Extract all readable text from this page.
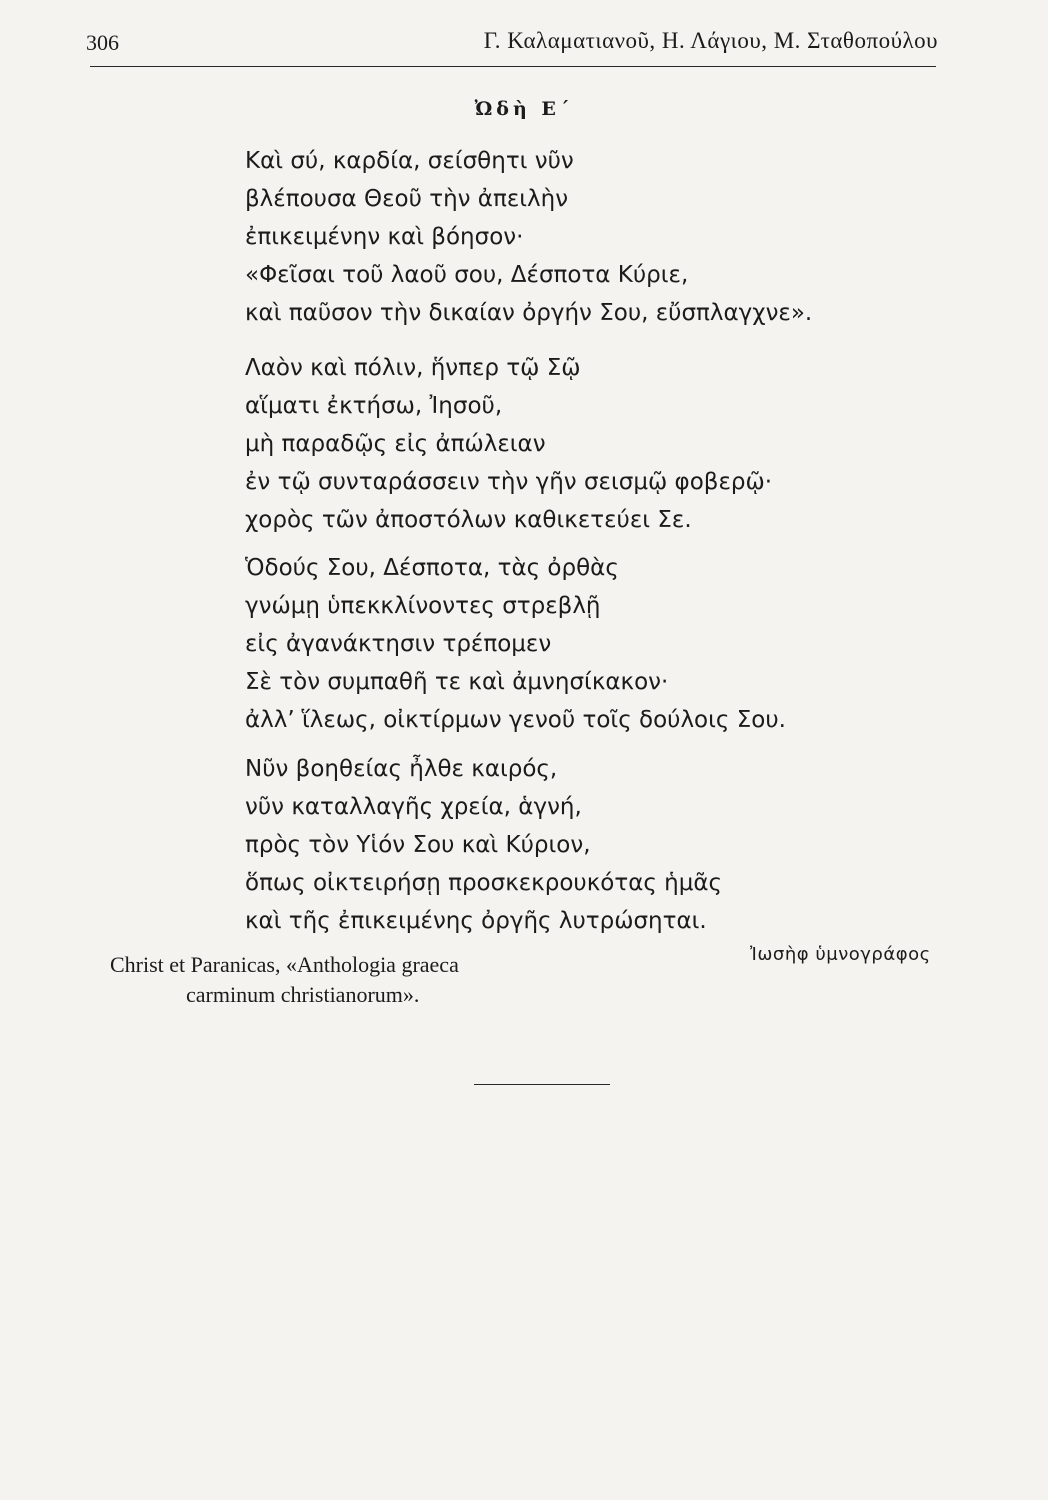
306	Γ. Καλαματιανοῦ, Η. Λάγιου, Μ. Σταθοπούλου
Ὠδὴ Ε΄
Καὶ σύ, καρδία, σείσθητι νῦν
βλέπουσα Θεοῦ τὴν ἀπειλὴν
ἐπικειμένην καὶ βόησον·
«Φεῖσαι τοῦ λαοῦ σου, Δέσποτα Κύριε,
καὶ παῦσον τὴν δικαίαν ὀργήν Σου, εὔσπλαγχνε».
Λαὸν καὶ πόλιν, ἥνπερ τῷ Σῷ
αἵματι ἐκτήσω, Ἰησοῦ,
μὴ παραδῷς εἰς ἀπώλειαν
ἐν τῷ συνταράσσειν τὴν γῆν σεισμῷ φοβερῷ·
χορὸς τῶν ἀποστόλων καθικετεύει Σε.
Ὁδούς Σου, Δέσποτα, τὰς ὀρθὰς
γνώμῃ ὑπεκκλίνοντες στρεβλῇ
εἰς ἀγανάκτησιν τρέπομεν
Σὲ τὸν συμπαθῆ τε καὶ ἀμνησίκακον·
ἀλλ’ ἵλεως, οἰκτίρμων γενοῦ τοῖς δούλοις Σου.
Νῦν βοηθείας ἦλθε καιρός,
νῦν καταλλαγῆς χρεία, ἁγνή,
πρὸς τὸν Υἱόν Σου καὶ Κύριον,
ὅπως οἰκτειρήσῃ προσκεκρουκότας ἡμᾶς
καὶ τῆς ἐπικειμένης ὀργῆς λυτρώσηται.
Christ et Paranicas, «Anthologia graeca
carminum christianorum».
Ἰωσὴφ ὑμνογράφος
